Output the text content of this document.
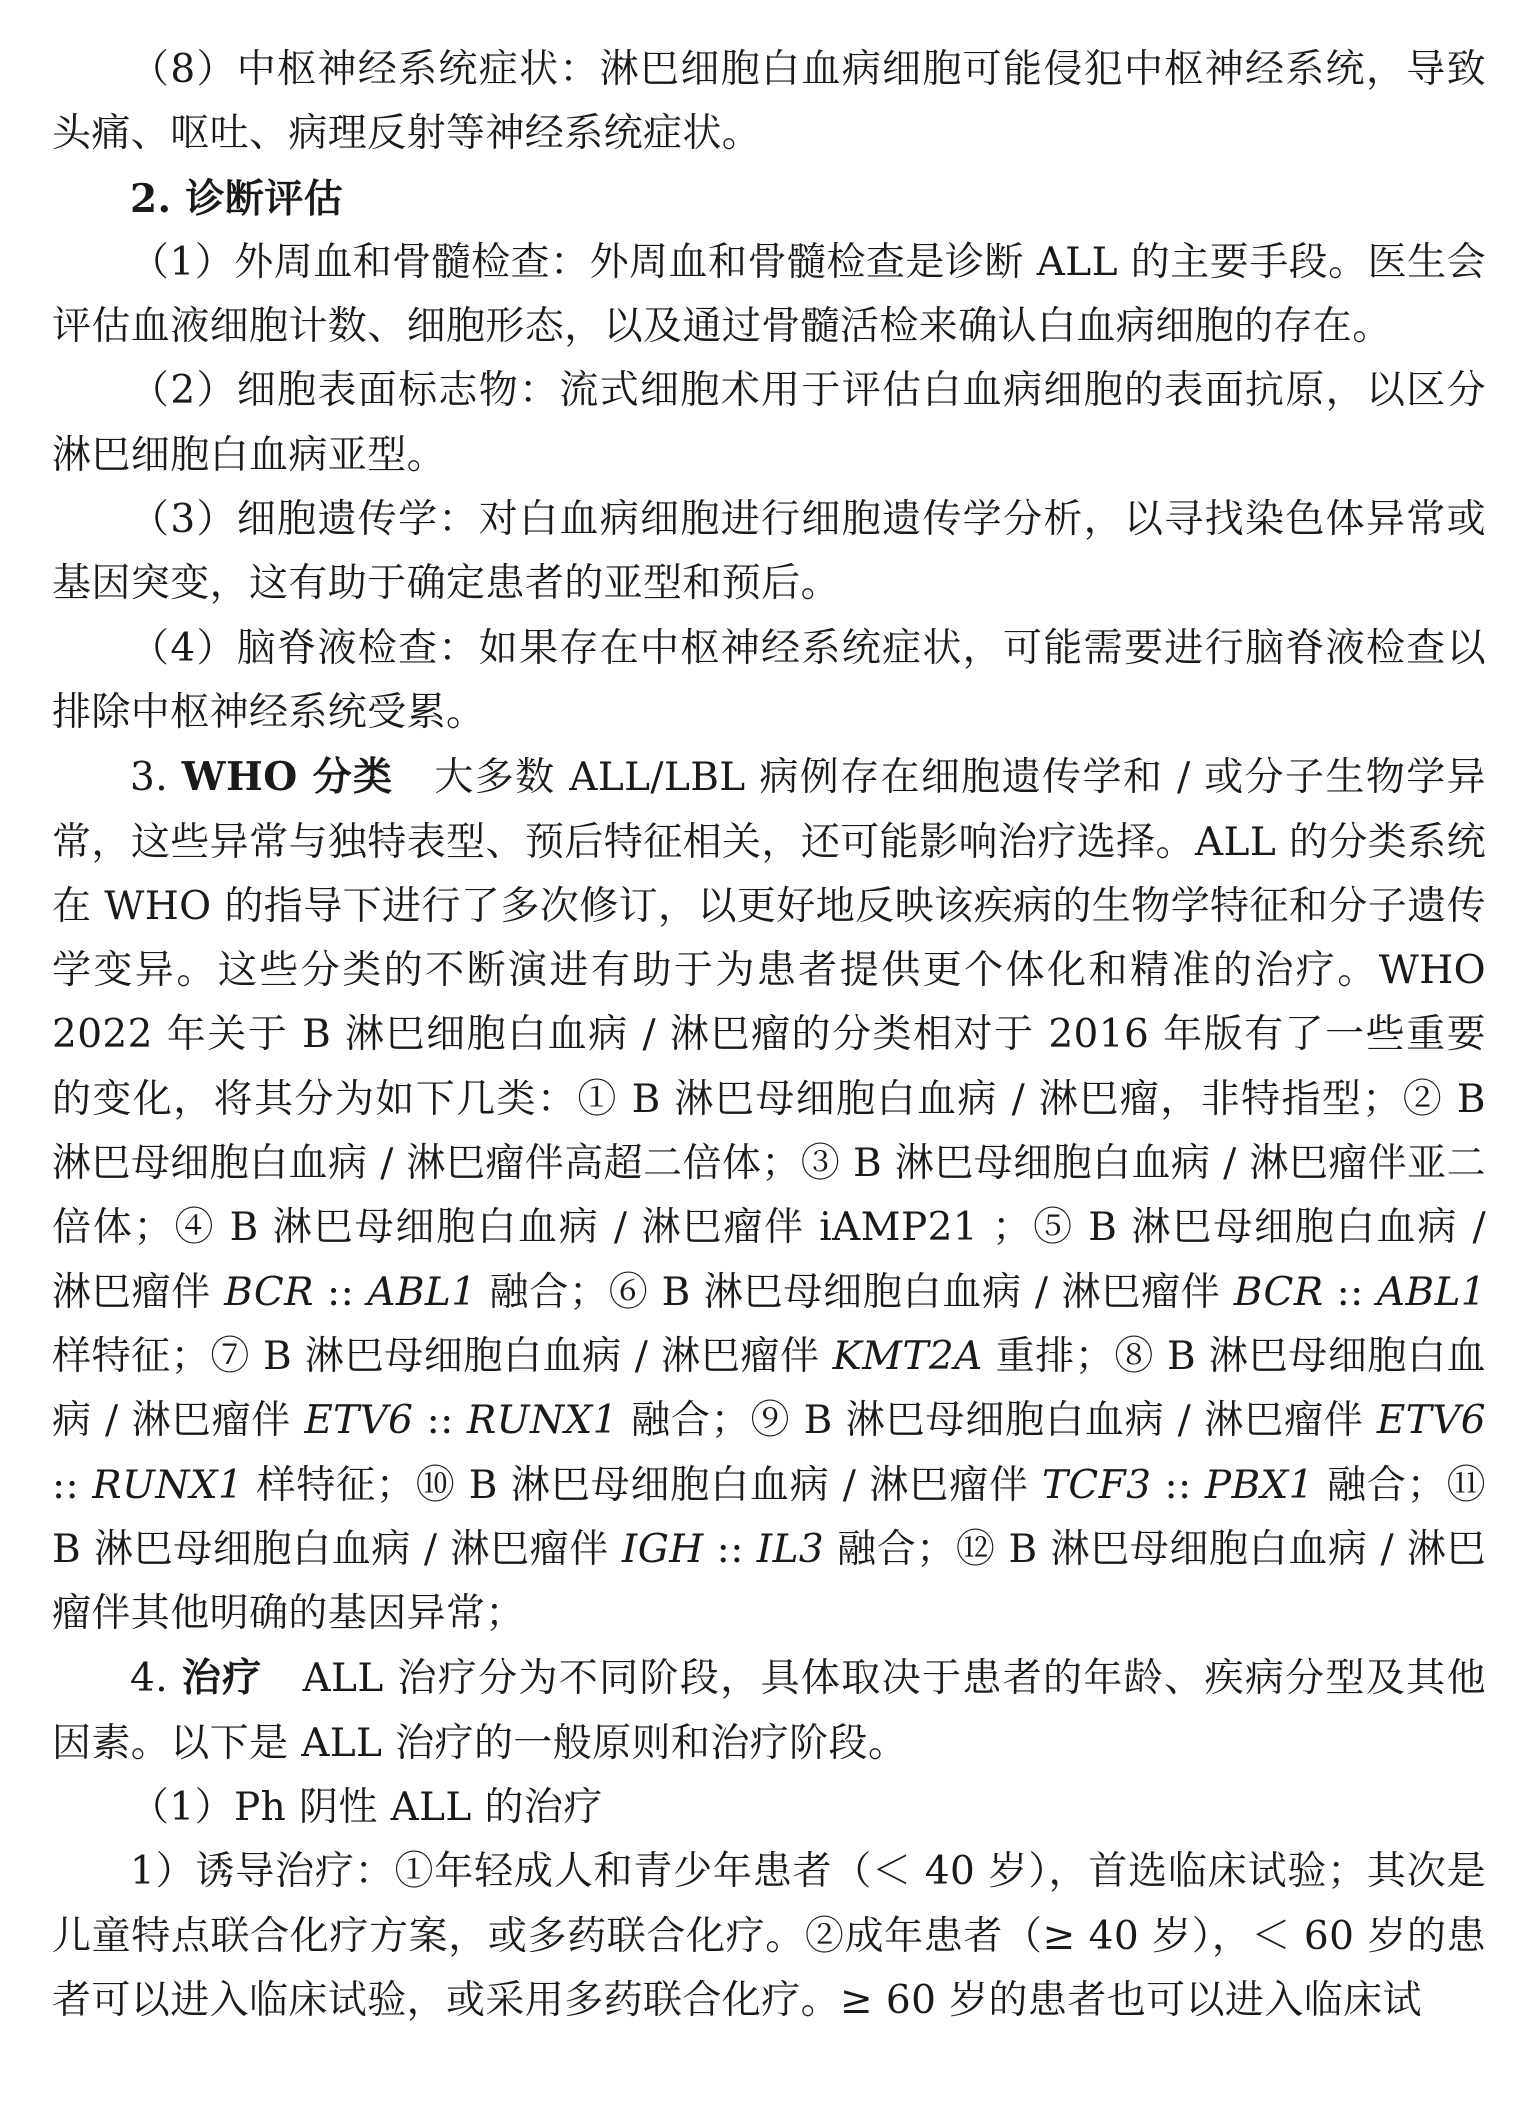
（8）中枢神经系统症状：淋巴细胞白血病细胞可能侵犯中枢神经系统，导致头痛、呕吐、病理反射等神经系统症状。

2. 诊断评估

（1）外周血和骨髓检查：外周血和骨髓检查是诊断 ALL 的主要手段。医生会评估血液细胞计数、细胞形态，以及通过骨髓活检来确认白血病细胞的存在。

（2）细胞表面标志物：流式细胞术用于评估白血病细胞的表面抗原，以区分淋巴细胞白血病亚型。

（3）细胞遗传学：对白血病细胞进行细胞遗传学分析，以寻找染色体异常或基因突变，这有助于确定患者的亚型和预后。

（4）脑脊液检查：如果存在中枢神经系统症状，可能需要进行脑脊液检查以排除中枢神经系统受累。

3. WHO 分类 大多数 ALL/LBL 病例存在细胞遗传学和 / 或分子生物学异常，这些异常与独特表型、预后特征相关，还可能影响治疗选择。ALL 的分类系统在 WHO 的指导下进行了多次修订，以更好地反映该疾病的生物学特征和分子遗传学变异。这些分类的不断演进有助于为患者提供更个体化和精准的治疗。WHO 2022 年关于 B 淋巴细胞白血病 / 淋巴瘤的分类相对于 2016 年版有了一些重要的变化，将其分为如下几类：① B 淋巴母细胞白血病 / 淋巴瘤，非特指型；② B 淋巴母细胞白血病 / 淋巴瘤伴高超二倍体；③ B 淋巴母细胞白血病 / 淋巴瘤伴亚二倍体；④ B 淋巴母细胞白血病 / 淋巴瘤伴 iAMP21 ；⑤ B 淋巴母细胞白血病 / 淋巴瘤伴 BCR :: ABL1 融合；⑥ B 淋巴母细胞白血病 / 淋巴瘤伴 BCR :: ABL1 样特征；⑦ B 淋巴母细胞白血病 / 淋巴瘤伴 KMT2A 重排；⑧ B 淋巴母细胞白血病 / 淋巴瘤伴 ETV6 :: RUNX1 融合；⑨ B 淋巴母细胞白血病 / 淋巴瘤伴 ETV6 :: RUNX1 样特征；⑩ B 淋巴母细胞白血病 / 淋巴瘤伴 TCF3 :: PBX1 融合；⑪ B 淋巴母细胞白血病 / 淋巴瘤伴 IGH :: IL3 融合；⑫ B 淋巴母细胞白血病 / 淋巴瘤伴其他明确的基因异常；

4. 治疗 ALL 治疗分为不同阶段，具体取决于患者的年龄、疾病分型及其他因素。以下是 ALL 治疗的一般原则和治疗阶段。

（1）Ph 阴性 ALL 的治疗

1）诱导治疗：①年轻成人和青少年患者（＜ 40 岁），首选临床试验；其次是儿童特点联合化疗方案，或多药联合化疗。②成年患者（≥ 40 岁），＜ 60 岁的患者可以进入临床试验，或采用多药联合化疗。≥ 60 岁的患者也可以进入临床试
